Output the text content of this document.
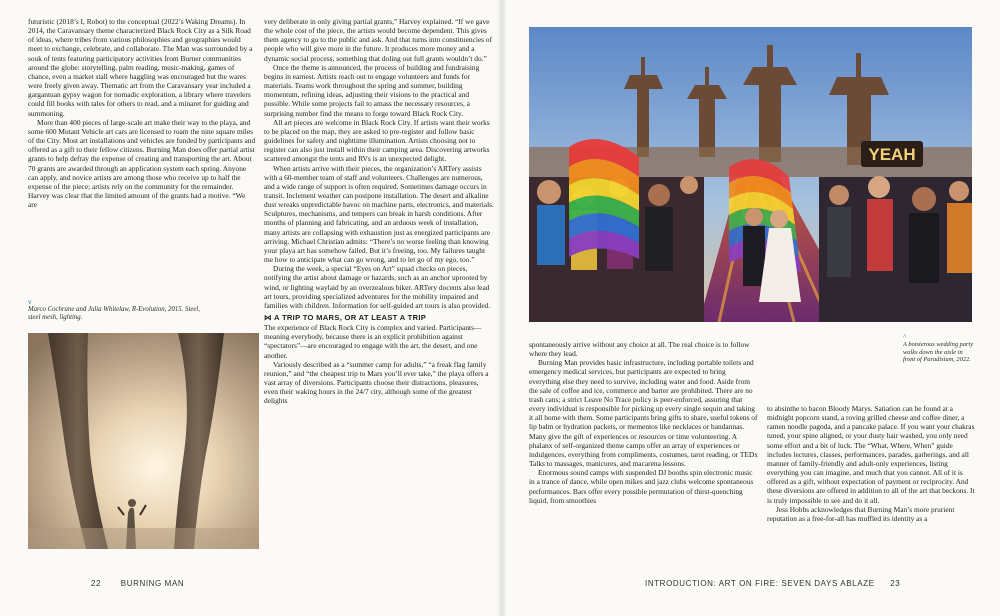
futuristic (2018’s I, Robot) to the conceptual (2022’s Waking Dreams). In 2014, the Caravansary theme characterized Black Rock City as a Silk Road of ideas, where tribes from various philosophies and geographies would meet to exchange, celebrate, and collaborate. The Man was surrounded by a souk of tents featuring participatory activities from Burner communities around the globe: storytelling, palm reading, music-making, games of chance, even a market stall where haggling was encouraged but the wares were freely given away. Thematic art from the Caravansary year included a gargantuan gypsy wagon for nomadic exploration, a library where travelers could fill books with tales for others to read, and a minaret for guiding and summoning.

More than 400 pieces of large-scale art make their way to the playa, and some 600 Mutant Vehicle art cars are licensed to roam the nine square miles of the City. Most art installations and vehicles are funded by participants and offered as a gift to their fellow citizens. Burning Man does offer partial artist grants to help defray the expense of creating and transporting the art. About 70 grants are awarded through an application system each spring. Anyone can apply, and novice artists are among those who receive up to half the expense of the piece; artists rely on the community for the remainder. Harvey was clear that the limited amount of the grants had a motive. “We are

v
Marco Cochrane and Julia Whitelaw, R-Evolution, 2015. Steel, steel mesh, lighting.

very deliberate in only giving partial grants,” Harvey explained. “If we gave the whole cost of the piece, the artists would become dependent. This gives them agency to go to the public and ask. And that turns into constituencies of people who will give more in the future. It produces more money and a dynamic social process, something that doling out full grants wouldn’t do.”

Once the theme is announced, the process of building and fundraising begins in earnest. Artists reach out to engage volunteers and funds for materials. Teams work throughout the spring and summer, building momentum, refining ideas, adjusting their visions to the practical and possible. While some projects fail to amass the necessary resources, a surprising number find the means to forge toward Black Rock City.

All art pieces are welcome in Black Rock City. If artists want their works to be placed on the map, they are asked to pre-register and follow basic guidelines for safety and nighttime illumination. Artists choosing not to register can also just install within their camping area. Discovering artworks scattered amongst the tents and RVs is an unexpected delight.

When artists arrive with their pieces, the organization’s ARTery assists with a 60-member team of staff and volunteers. Challenges are numerous, and a wide range of support is often required. Sometimes damage occurs in transit. Inclement weather can postpone installation. The desert and alkaline dust wreaks unpredictable havoc on machine parts, electronics, and materials. Sculptures, mechanisms, and tempers can break in harsh conditions. After months of planning and fabricating, and an arduous week of installation, many artists are collapsing with exhaustion just as energized participants are arriving. Michael Christian admits: “There’s no worse feeling than knowing your playa art has somehow failed. But it’s freeing, too. My failures taught me how to anticipate what can go wrong, and to let go of my ego, too.”

During the week, a special “Eyes on Art” squad checks on pieces, notifying the artist about damage or hazards, such as an anchor uprooted by wind, or lighting waylaid by an overzealous biker. ARTery docents also lead art tours, providing specialized adventures for the mobility impaired and families with children. Information for self-guided art tours is also provided.

⋈ A TRIP TO MARS, OR AT LEAST A TRIP

The experience of Black Rock City is complex and varied. Participants—meaning everybody, because there is an explicit prohibition against “spectators”—are encouraged to engage with the art, the desert, and one another.

Variously described as a “summer camp for adults,” “a freak flag family reunion,” and “the cheapest trip to Mars you’ll ever take,” the playa offers a vast array of diversions. Participants choose their distractions, pleasures, even their waking hours in the 24/7 city, although some of the greatest delights

22 BURNING MAN
YEAH
^
A boisterous wedding party walks down the aisle in front of Paradisium, 2022.

spontaneously arrive without any choice at all. The real choice is to follow where they lead.

Burning Man provides basic infrastructure, including portable toilets and emergency medical services, but participants are expected to bring everything else they need to survive, including water and food. Aside from the sale of coffee and ice, commerce and barter are prohibited. There are no trash cans; a strict Leave No Trace policy is peer-enforced, assuring that every individual is responsible for picking up every single sequin and taking it all home with them. Some participants bring gifts to share, useful tokens of lip balm or hydration packets, or mementos like necklaces or bandannas. Many give the gift of experiences or resources or time volunteering. A phalanx of self-organized theme camps offer an array of experiences or indulgences, everything from compliments, costumes, tarot reading, or TEDx Talks to massages, manicures, and macarena lessons.

Enormous sound camps with suspended DJ booths spin electronic music in a trance of dance, while open mikes and jazz clubs welcome spontaneous performances. Bars offer every possible permutation of thirst-quenching liquid, from smoothies

to absinthe to bacon Bloody Marys. Satiation can be found at a midnight popcorn stand, a roving grilled cheese and coffee diner, a ramen noodle pagoda, and a pancake palace. If you want your chakras tuned, your spine aligned, or your dusty hair washed, you only need some effort and a bit of luck. The “What, Where, When” guide includes lectures, classes, performances, parades, gatherings, and all manner of family-friendly and adult-only experiences, listing everything you can imagine, and much that you cannot. All of it is offered as a gift, without expectation of payment or reciprocity. And these diversions are offered in addition to all of the art that beckons. It is truly impossible to see and do it all.

Jess Hobbs acknowledges that Burning Man’s more prurient reputation as a free-for-all has muffled its identity as a

INTRODUCTION: ART ON FIRE: SEVEN DAYS ABLAZE 23
